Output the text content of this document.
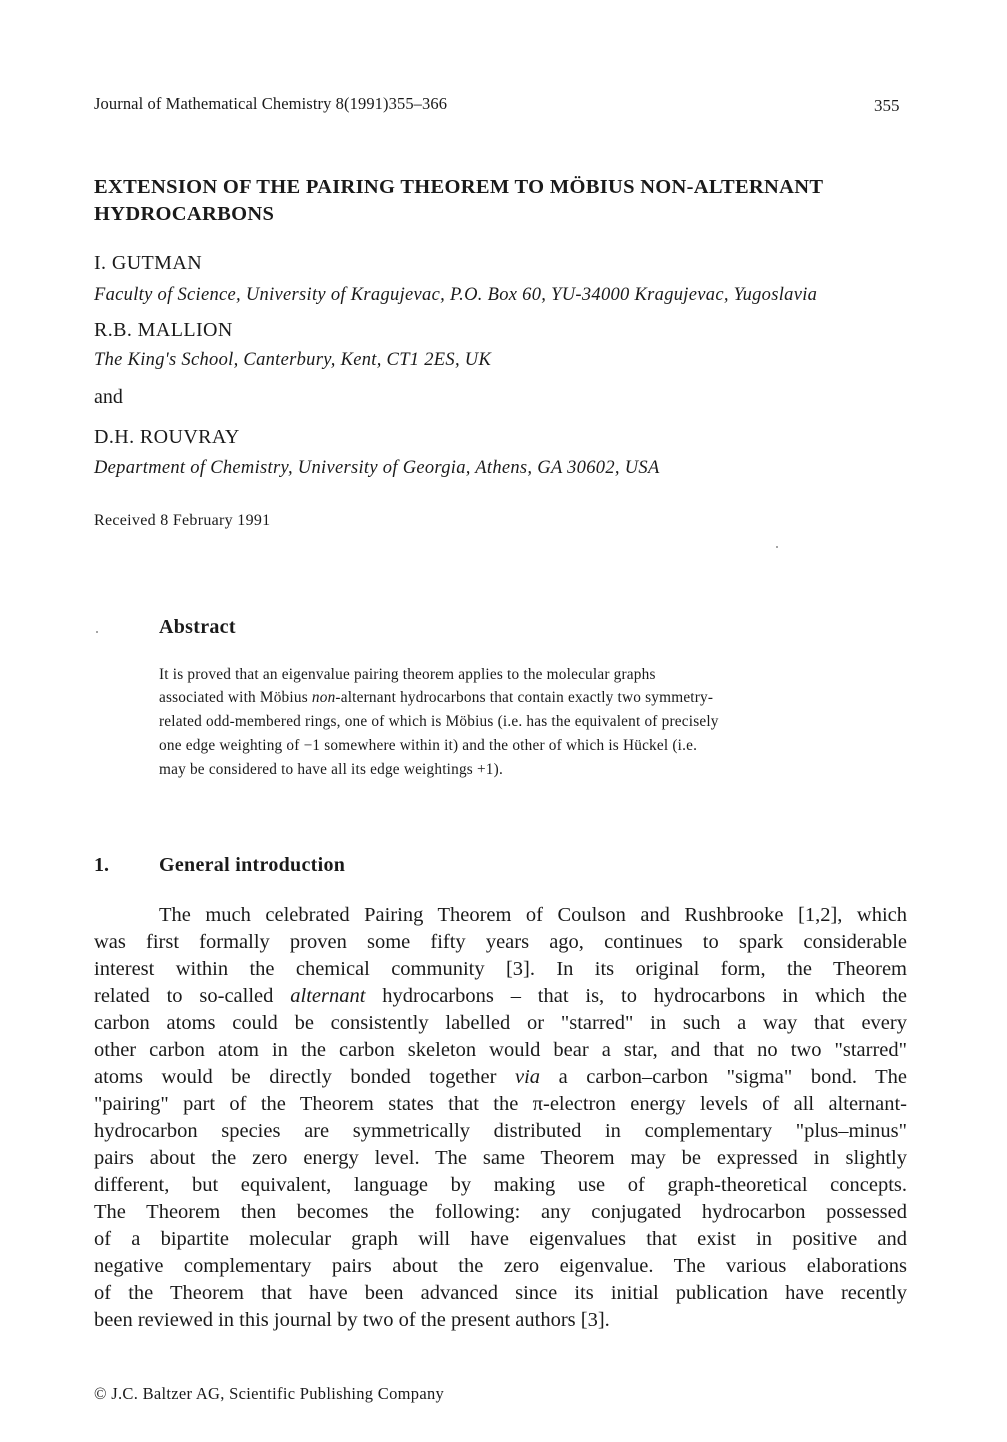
Journal of Mathematical Chemistry 8(1991)355–366	355
EXTENSION OF THE PAIRING THEOREM TO MÖBIUS NON-ALTERNANT
HYDROCARBONS
I. GUTMAN
Faculty of Science, University of Kragujevac, P.O. Box 60, YU-34000 Kragujevac, Yugoslavia
R.B. MALLION
The King's School, Canterbury, Kent, CT1 2ES, UK
and
D.H. ROUVRAY
Department of Chemistry, University of Georgia, Athens, GA 30602, USA
Received 8 February 1991
Abstract
It is proved that an eigenvalue pairing theorem applies to the molecular graphs
associated with Möbius non-alternant hydrocarbons that contain exactly two symmetry-
related odd-membered rings, one of which is Möbius (i.e. has the equivalent of precisely
one edge weighting of −1 somewhere within it) and the other of which is Hückel (i.e.
may be considered to have all its edge weightings +1).
1.	General introduction
The much celebrated Pairing Theorem of Coulson and Rushbrooke [1,2], which
was first formally proven some fifty years ago, continues to spark considerable
interest within the chemical community [3]. In its original form, the Theorem
related to so-called alternant hydrocarbons – that is, to hydrocarbons in which the
carbon atoms could be consistently labelled or "starred" in such a way that every
other carbon atom in the carbon skeleton would bear a star, and that no two "starred"
atoms would be directly bonded together via a carbon–carbon "sigma" bond. The
"pairing" part of the Theorem states that the π-electron energy levels of all alternant-
hydrocarbon species are symmetrically distributed in complementary "plus–minus"
pairs about the zero energy level. The same Theorem may be expressed in slightly
different, but equivalent, language by making use of graph-theoretical concepts.
The Theorem then becomes the following: any conjugated hydrocarbon possessed
of a bipartite molecular graph will have eigenvalues that exist in positive and
negative complementary pairs about the zero eigenvalue. The various elaborations
of the Theorem that have been advanced since its initial publication have recently
been reviewed in this journal by two of the present authors [3].
© J.C. Baltzer AG, Scientific Publishing Company
